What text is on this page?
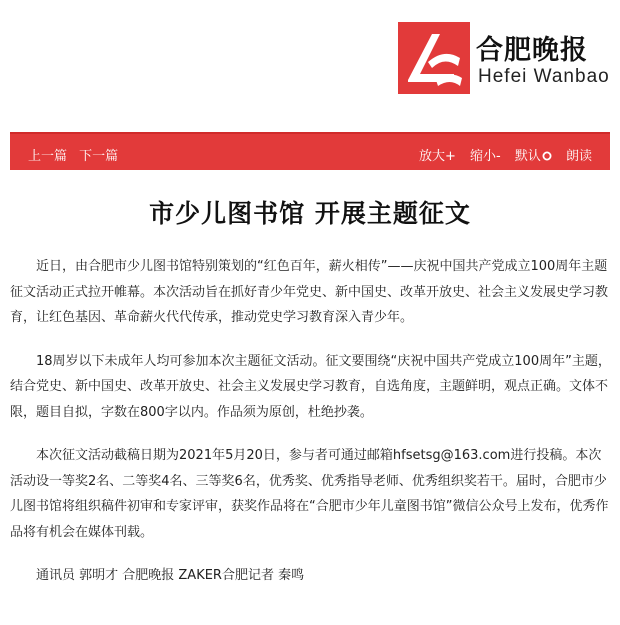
合肥晚报
Hefei Wanbao
上一篇 下一篇	放大+ 缩小- 默认 朗读
市少儿图书馆 开展主题征文

近日，由合肥市少儿图书馆特别策划的“红色百年，薪火相传”——庆祝中国共产党成立100周年主题征文活动正式拉开帷幕。本次活动旨在抓好青少年党史、新中国史、改革开放史、社会主义发展史学习教育，让红色基因、革命薪火代代传承，推动党史学习教育深入青少年。

18周岁以下未成年人均可参加本次主题征文活动。征文要围绕“庆祝中国共产党成立100周年”主题，结合党史、新中国史、改革开放史、社会主义发展史学习教育，自选角度，主题鲜明，观点正确。文体不限，题目自拟，字数在800字以内。作品须为原创，杜绝抄袭。

本次征文活动截稿日期为2021年5月20日，参与者可通过邮箱hfsetsg@163.com进行投稿。本次活动设一等奖2名、二等奖4名、三等奖6名，优秀奖、优秀指导老师、优秀组织奖若干。届时，合肥市少儿图书馆将组织稿件初审和专家评审，获奖作品将在“合肥市少年儿童图书馆”微信公众号上发布，优秀作品将有机会在媒体刊载。

通讯员 郭明才 合肥晚报 ZAKER合肥记者 秦鸣
